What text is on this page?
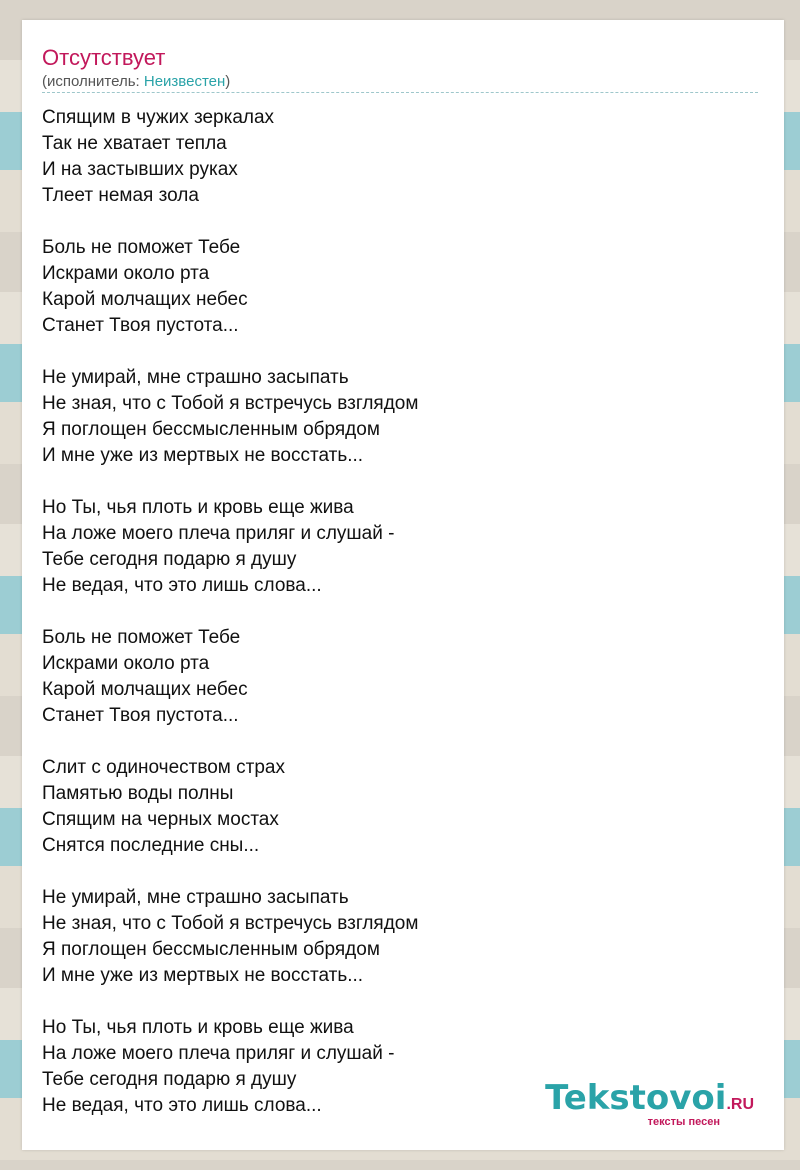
Отсутствует
(исполнитель: Неизвестен)
Спящим в чужих зеркалах
Так не хватает тепла
И на застывших руках
Тлеет немая зола
Боль не поможет Тебе
Искрами около рта
Карой молчащих небес
Станет Твоя пустота...
Не умирай, мне страшно засыпать
Не зная, что с Тобой я встречусь взглядом
Я поглощен бессмысленным обрядом
И мне уже из мертвых не восстать...
Но Ты, чья плоть и кровь еще жива
На ложе моего плеча приляг и слушай -
Тебе сегодня подарю я душу
Не ведая, что это лишь слова...
Боль не поможет Тебе
Искрами около рта
Карой молчащих небес
Станет Твоя пустота...
Слит с одиночеством страх
Памятью воды полны
Спящим на черных мостах
Снятся последние сны...
Не умирай, мне страшно засыпать
Не зная, что с Тобой я встречусь взглядом
Я поглощен бессмысленным обрядом
И мне уже из мертвых не восстать...
Но Ты, чья плоть и кровь еще жива
На ложе моего плеча приляг и слушай -
Тебе сегодня подарю я душу
Не ведая, что это лишь слова...	Tekstovoi.RU
тексты песен
